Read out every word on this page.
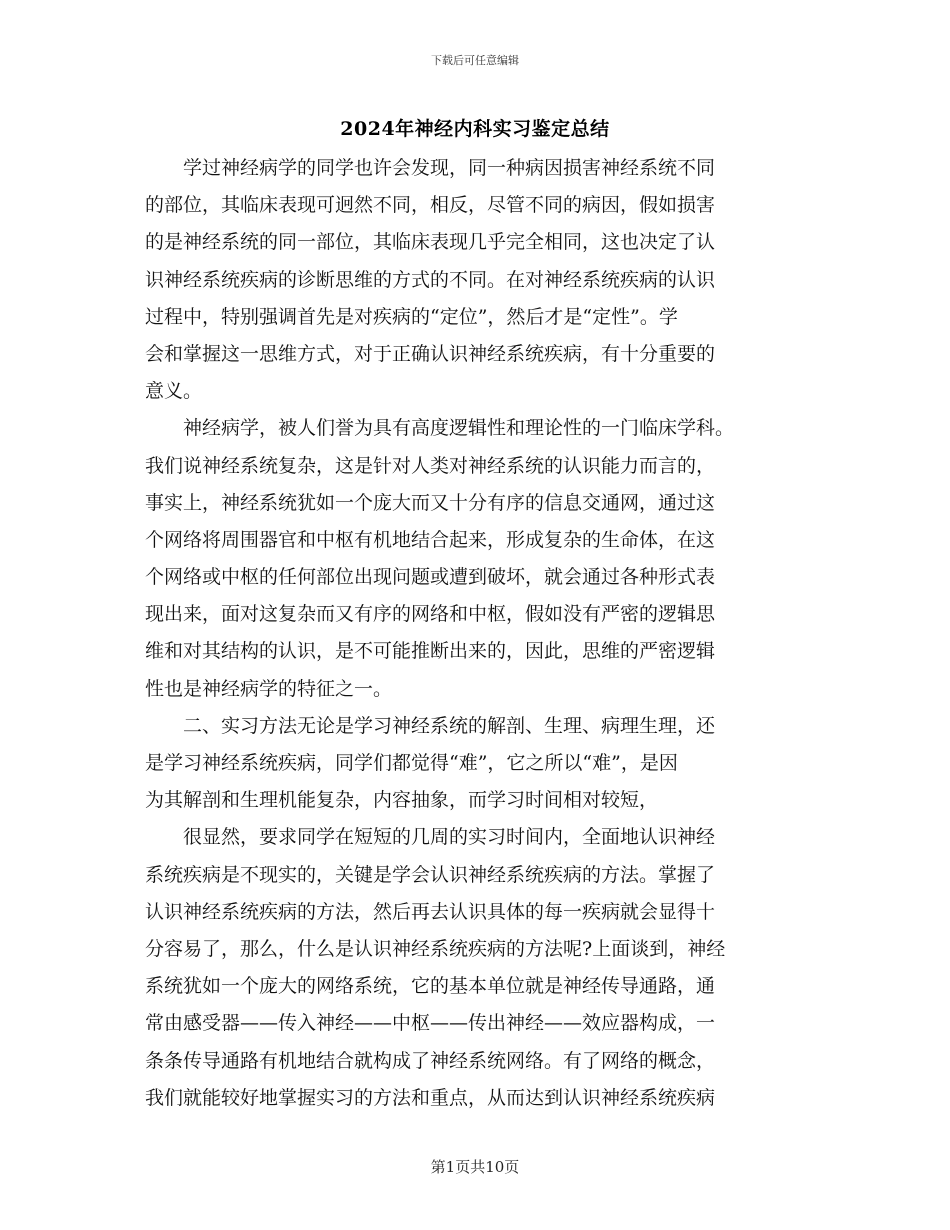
下载后可任意编辑
2024年神经内科实习鉴定总结
学过神经病学的同学也许会发现，同一种病因损害神经系统不同
的部位，其临床表现可迥然不同，相反，尽管不同的病因，假如损害
的是神经系统的同一部位，其临床表现几乎完全相同，这也决定了认
识神经系统疾病的诊断思维的方式的不同。在对神经系统疾病的认识
过程中，特别强调首先是对疾病的“定位”，然后才是“定性”。学
会和掌握这一思维方式，对于正确认识神经系统疾病，有十分重要的
意义。
神经病学，被人们誉为具有高度逻辑性和理论性的一门临床学科。
我们说神经系统复杂，这是针对人类对神经系统的认识能力而言的，
事实上，神经系统犹如一个庞大而又十分有序的信息交通网，通过这
个网络将周围器官和中枢有机地结合起来，形成复杂的生命体，在这
个网络或中枢的任何部位出现问题或遭到破坏，就会通过各种形式表
现出来，面对这复杂而又有序的网络和中枢，假如没有严密的逻辑思
维和对其结构的认识，是不可能推断出来的，因此，思维的严密逻辑
性也是神经病学的特征之一。
二、实习方法无论是学习神经系统的解剖、生理、病理生理，还
是学习神经系统疾病，同学们都觉得“难”，它之所以“难”，是因
为其解剖和生理机能复杂，内容抽象，而学习时间相对较短，
很显然，要求同学在短短的几周的实习时间内，全面地认识神经
系统疾病是不现实的，关键是学会认识神经系统疾病的方法。掌握了
认识神经系统疾病的方法，然后再去认识具体的每一疾病就会显得十
分容易了，那么，什么是认识神经系统疾病的方法呢?上面谈到，神经
系统犹如一个庞大的网络系统，它的基本单位就是神经传导通路，通
常由感受器——传入神经——中枢——传出神经——效应器构成，一
条条传导通路有机地结合就构成了神经系统网络。有了网络的概念，
我们就能较好地掌握实习的方法和重点，从而达到认识神经系统疾病
第1页共10页
